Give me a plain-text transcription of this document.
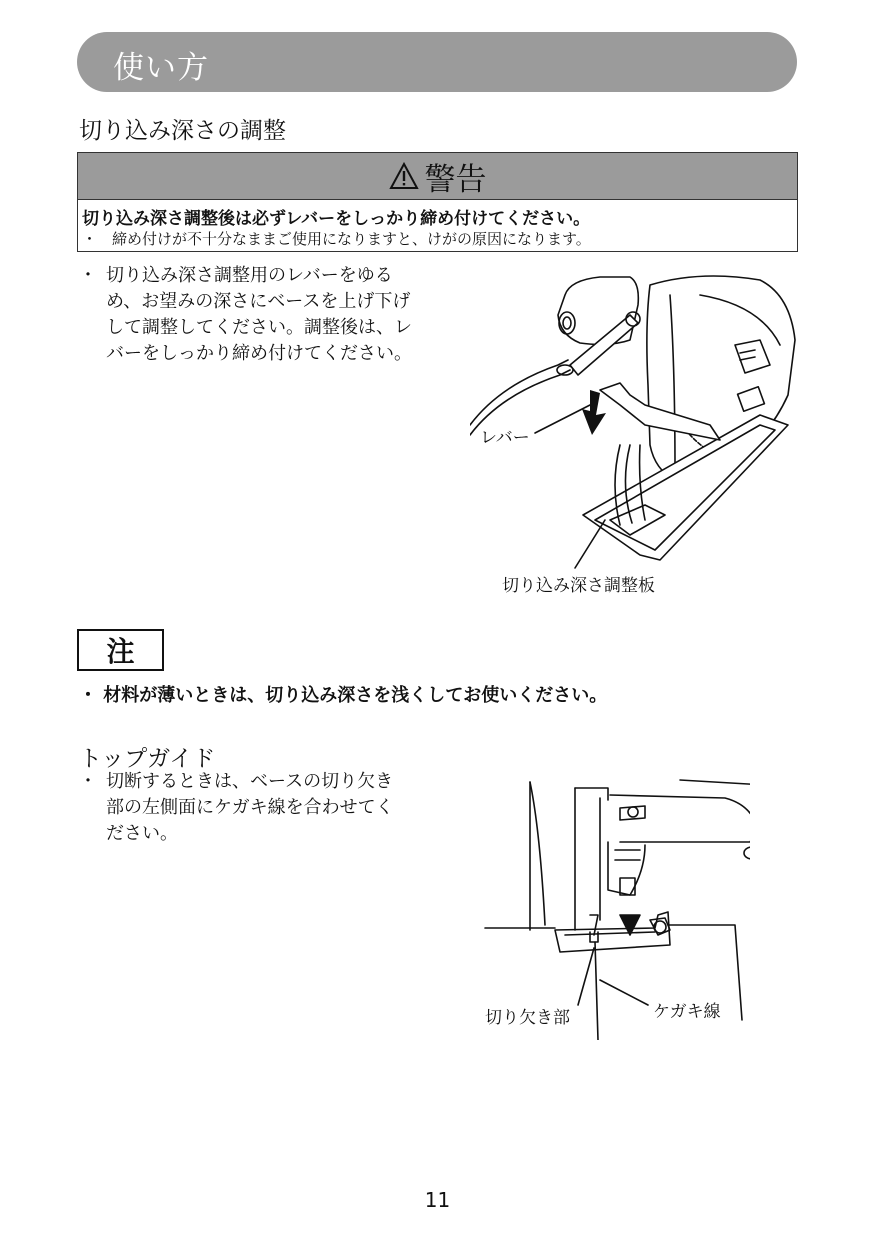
使い方
切り込み深さの調整
警告
切り込み深さ調整後は必ずレバーをしっかり締め付けてください。
・　締め付けが不十分なままご使用になりますと、けがの原因になります。
・ 切り込み深さ調整用のレバーをゆる
め、お望みの深さにベースを上げ下げ
して調整してください。調整後は、レ
バーをしっかり締め付けてください。
レバー
切り込み深さ調整板
注
・ 材料が薄いときは、切り込み深さを浅くしてお使いください。
トップガイド
・ 切断するときは、ベースの切り欠き
部の左側面にケガキ線を合わせてく
ださい。
切り欠き部	ケガキ線
11
